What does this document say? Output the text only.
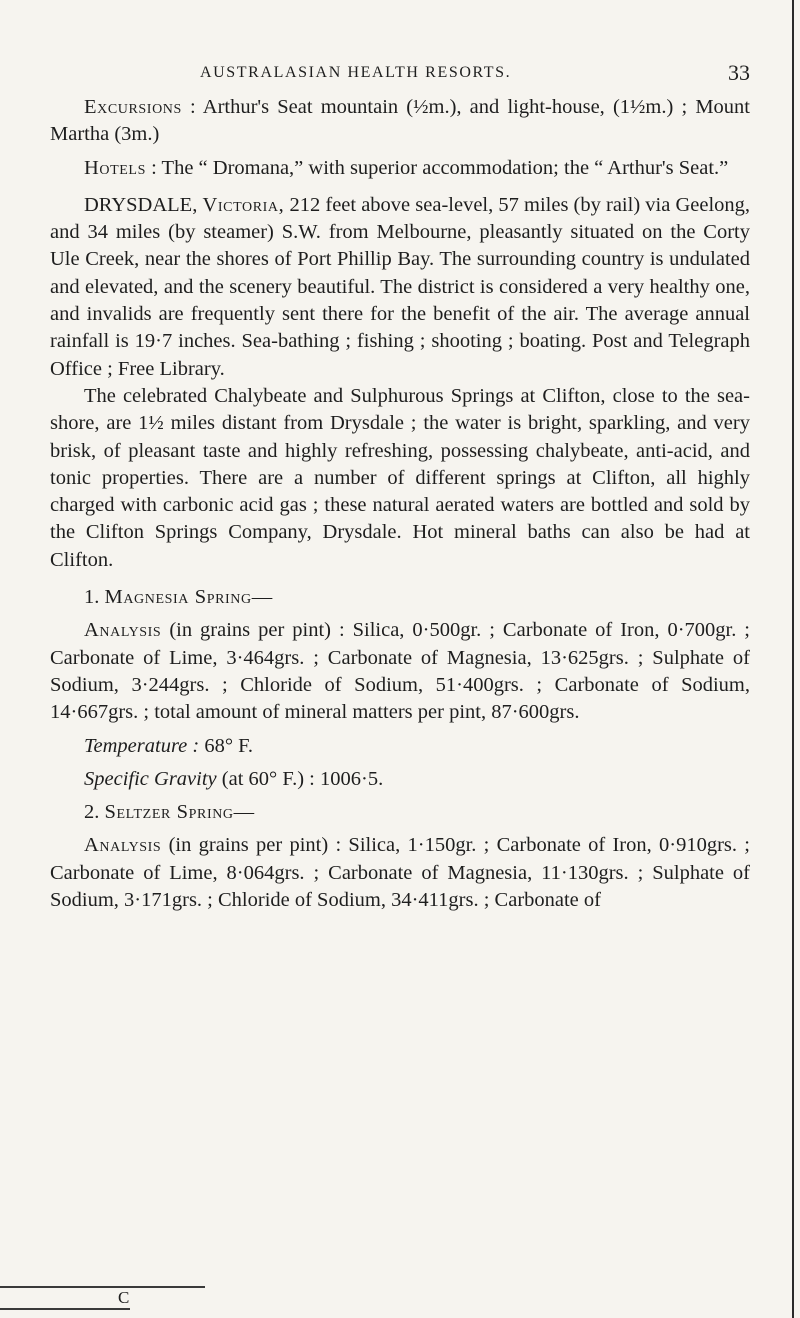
AUSTRALASIAN HEALTH RESORTS.	33

Excursions : Arthur's Seat mountain (½m.), and light-house, (1½m.) ; Mount Martha (3m.)

Hotels : The “ Dromana,” with superior accommodation; the “ Arthur's Seat.”

DRYSDALE, Victoria, 212 feet above sea-level, 57 miles (by rail) via Geelong, and 34 miles (by steamer) S.W. from Melbourne, pleasantly situated on the Corty Ule Creek, near the shores of Port Phillip Bay. The surrounding country is undulated and elevated, and the scenery beautiful. The district is considered a very healthy one, and invalids are frequently sent there for the benefit of the air. The average annual rainfall is 19·7 inches. Sea-bathing ; fishing ; shooting ; boating. Post and Telegraph Office ; Free Library.

The celebrated Chalybeate and Sulphurous Springs at Clifton, close to the sea-shore, are 1½ miles distant from Drysdale ; the water is bright, sparkling, and very brisk, of pleasant taste and highly refreshing, possessing chalybeate, anti-acid, and tonic properties. There are a number of different springs at Clifton, all highly charged with carbonic acid gas ; these natural aerated waters are bottled and sold by the Clifton Springs Company, Drysdale. Hot mineral baths can also be had at Clifton.

1. Magnesia Spring—

Analysis (in grains per pint) : Silica, 0·500gr. ; Carbonate of Iron, 0·700gr. ; Carbonate of Lime, 3·464grs. ; Carbonate of Magnesia, 13·625grs. ; Sulphate of Sodium, 3·244grs. ; Chloride of Sodium, 51·400grs. ; Carbonate of Sodium, 14·667grs. ; total amount of mineral matters per pint, 87·600grs.

Temperature : 68° F.

Specific Gravity (at 60° F.) : 1006·5.

2. Seltzer Spring—

Analysis (in grains per pint) : Silica, 1·150gr. ; Carbonate of Iron, 0·910grs. ; Carbonate of Lime, 8·064grs. ; Carbonate of Magnesia, 11·130grs. ; Sulphate of Sodium, 3·171grs. ; Chloride of Sodium, 34·411grs. ; Carbonate of

C
